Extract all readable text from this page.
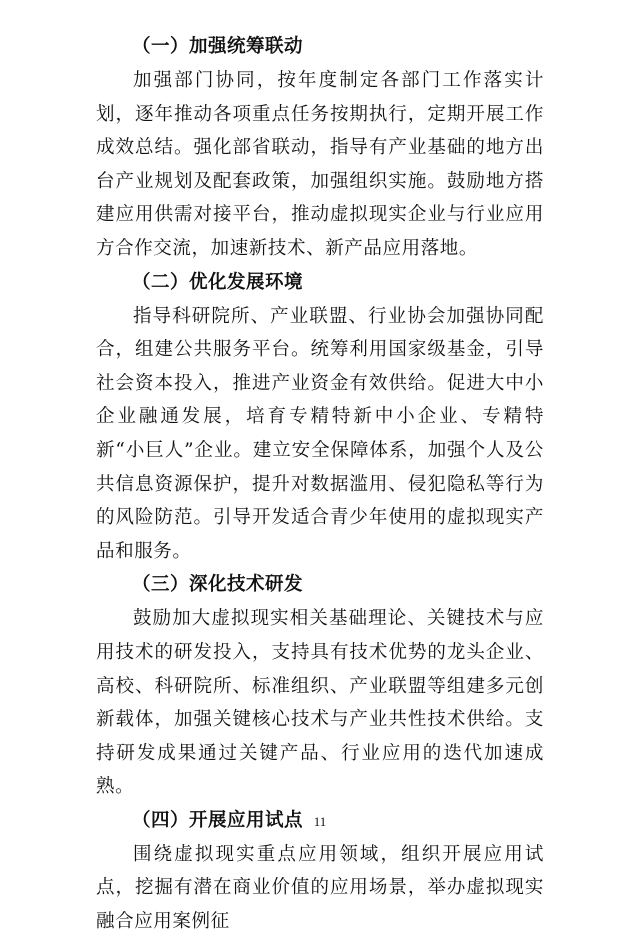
（一）加强统筹联动

加强部门协同，按年度制定各部门工作落实计划，逐年推动各项重点任务按期执行，定期开展工作成效总结。强化部省联动，指导有产业基础的地方出台产业规划及配套政策，加强组织实施。鼓励地方搭建应用供需对接平台，推动虚拟现实企业与行业应用方合作交流，加速新技术、新产品应用落地。

（二）优化发展环境

指导科研院所、产业联盟、行业协会加强协同配合，组建公共服务平台。统筹利用国家级基金，引导社会资本投入，推进产业资金有效供给。促进大中小企业融通发展，培育专精特新中小企业、专精特新“小巨人”企业。建立安全保障体系，加强个人及公共信息资源保护，提升对数据滥用、侵犯隐私等行为的风险防范。引导开发适合青少年使用的虚拟现实产品和服务。

（三）深化技术研发

鼓励加大虚拟现实相关基础理论、关键技术与应用技术的研发投入，支持具有技术优势的龙头企业、高校、科研院所、标准组织、产业联盟等组建多元创新载体，加强关键核心技术与产业共性技术供给。支持研发成果通过关键产品、行业应用的迭代加速成熟。

（四）开展应用试点

围绕虚拟现实重点应用领域，组织开展应用试点，挖掘有潜在商业价值的应用场景，举办虚拟现实融合应用案例征

11
